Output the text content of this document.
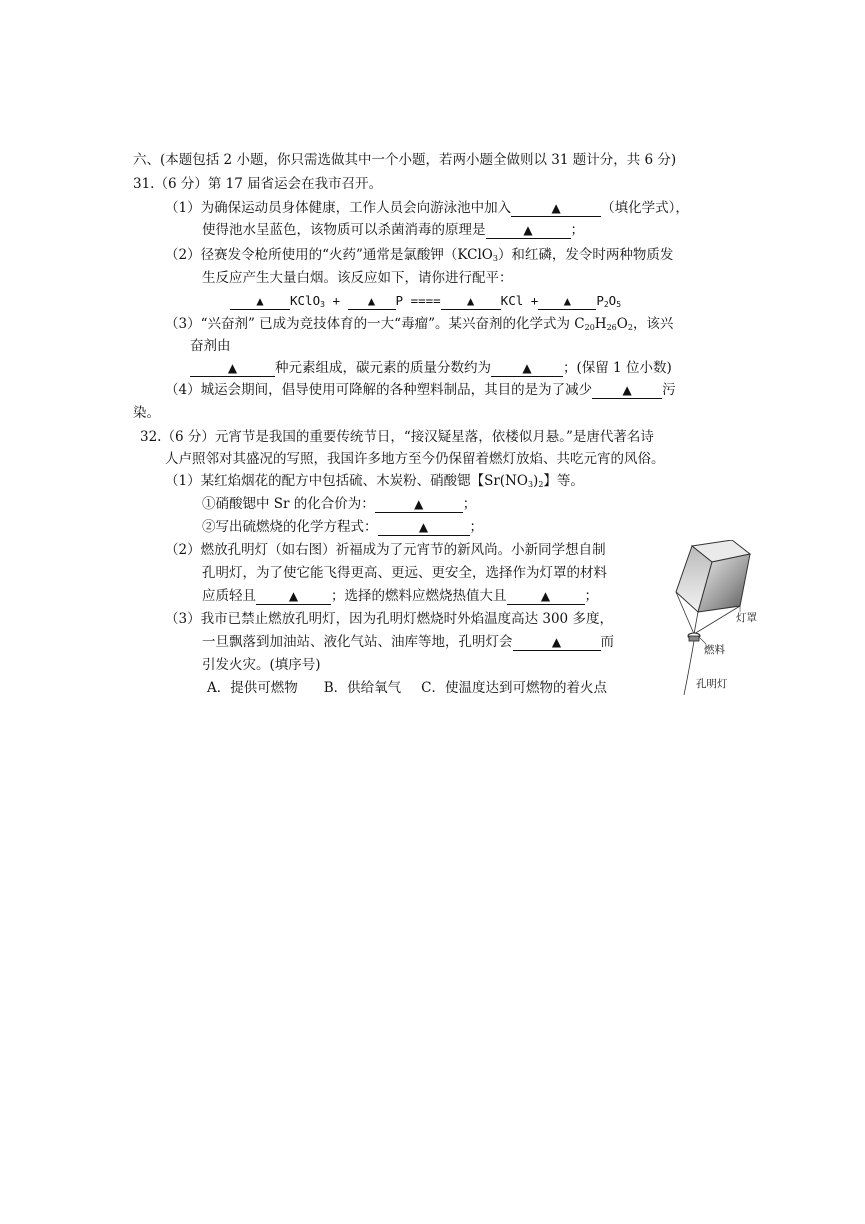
六、(本题包括 2 小题，你只需选做其中一个小题，若两小题全做则以 31 题计分，共 6 分)
31.（6 分）第 17 届省运会在我市召开。
（1）为确保运动员身体健康，工作人员会向游泳池中加入	▲	（填化学式），
使得池水呈蓝色，该物质可以杀菌消毒的原理是	▲	；
（2）径赛发令枪所使用的“火药”通常是氯酸钾（KClO$_3$）和红磷，发令时两种物质发
生反应产生大量白烟。该反应如下，请你进行配平：
▲ KClO$_3$ + ▲ P ==== ▲ KCl + ▲ $P_2O_5$
（3）“兴奋剂” 已成为竞技体育的一大“毒瘤”。某兴奋剂的化学式为 $C_{20}H_{26}O_2$，该兴
奋剂由
▲	种元素组成，碳元素的质量分数约为	▲ ；(保留 1 位小数)
（4）城运会期间，倡导使用可降解的各种塑料制品，其目的是为了减少	▲ 污
染。
32.（6 分）元宵节是我国的重要传统节日，“接汉疑星落，依楼似月悬。”是唐代著名诗
人卢照邻对其盛况的写照，我国许多地方至今仍保留着燃灯放焰、共吃元宵的风俗。
（1）某红焰烟花的配方中包括硫、木炭粉、硝酸锶【$Sr(NO_3)_2$】等。
①硝酸锶中 Sr 的化合价为：	▲	；
②写出硫燃烧的化学方程式：	▲	；
（2）燃放孔明灯（如右图）祈福成为了元宵节的新风尚。小新同学想自制
孔明灯，为了使它能飞得更高、更远、更安全，选择作为灯罩的材料
应质轻且	▲ ；选择的燃料应燃烧热值大且	▲	；
（3）我市已禁止燃放孔明灯，因为孔明灯燃烧时外焰温度高达 300 多度，
一旦飘落到加油站、液化气站、油库等地，孔明灯会	▲	而
引发火灾。(填序号)
A．提供可燃物 B．供给氧气 C．使温度达到可燃物的着火点
灯罩
燃料
孔明灯
